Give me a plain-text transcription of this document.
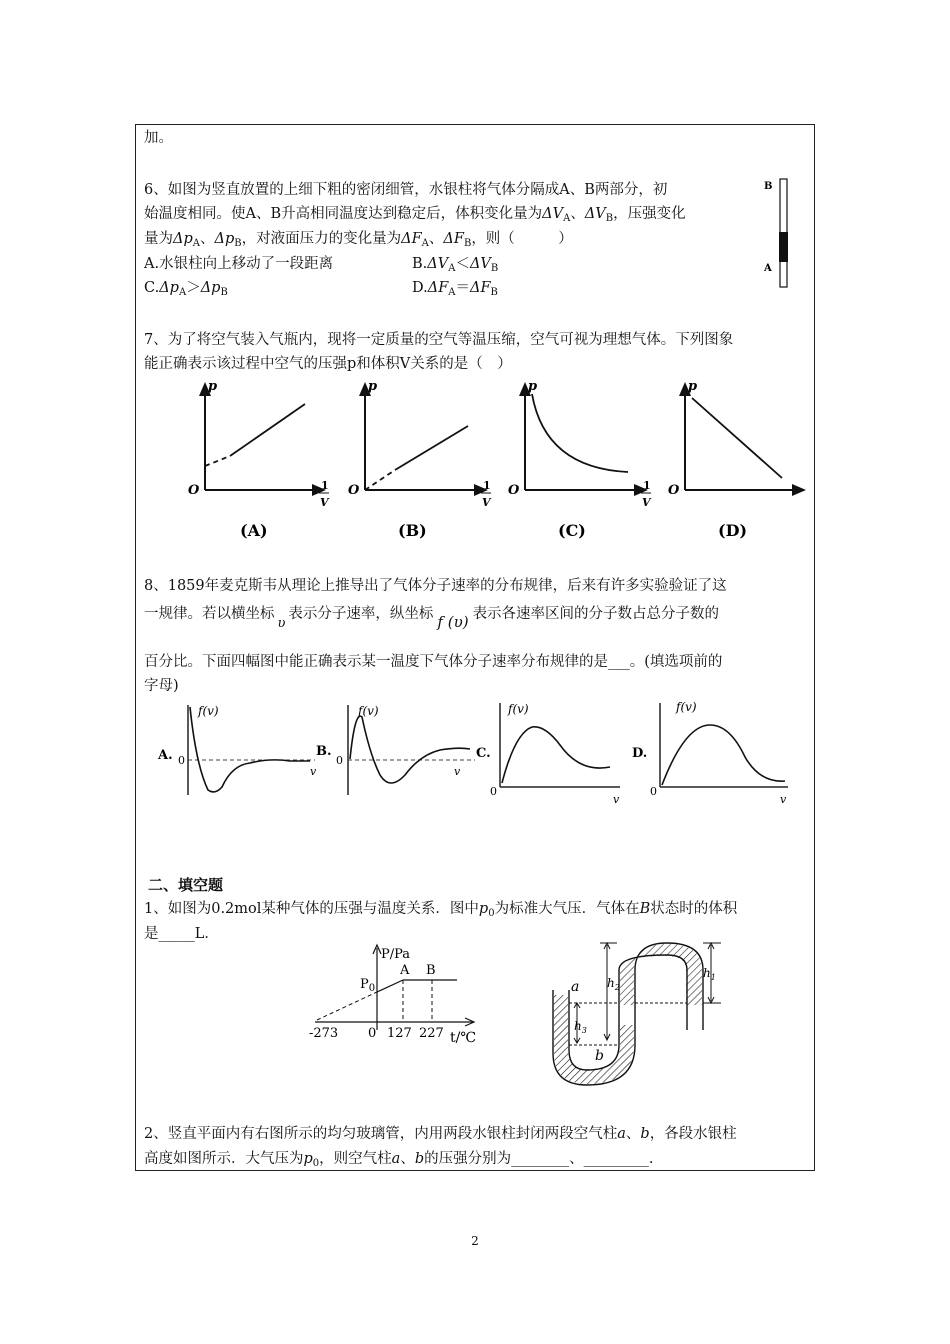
加。
6、如图为竖直放置的上细下粗的密闭细管，水银柱将气体分隔成A、B两部分，初
始温度相同。使A、B升高相同温度达到稳定后，体积变化量为$\Delta V_A$、$\Delta V_B$，压强变化
量为$\Delta p_A$、$\Delta p_B$，对液面压力的变化量为$\Delta F_A$、$\Delta F_B$，则（　　　）
A.水银柱向上移动了一段距离	$B.\Delta V_A<\Delta V_B$
$C.\Delta p_A>\Delta p_B$	$D.\Delta F_A=\Delta F_B$
B
A
7、为了将空气装入气瓶内，现将一定质量的空气等温压缩，空气可视为理想气体。下列图象
能正确表示该过程中空气的压强p和体积V关系的是（　）
p
O	1
V
(A)
p
O	1
V
(B)
p
O	1
V
(C)
p
O
(D)
8、1859年麦克斯韦从理论上推导出了气体分子速率的分布规律，后来有许多实验验证了这
一规律。若以横坐标υ表示分子速率，纵坐标 f (υ) 表示各速率区间的分子数占总分子数的
百分比。下面四幅图中能正确表示某一温度下气体分子速率分布规律的是___。(填选项前的
字母)
f(v)
0
v
A.
f(v)
0
v
B.
f(v)
0
v
C.
f(v)
0
v
D.
二、填空题
1、如图为0.2mol某种气体的压强与温度关系．图中$p_0$为标准大气压．气体在B状态时的体积
是_____L．
P/Pa
$P_0$
A B
-273 0 127 227 t/℃
a
b
$h_1$
$h_2$
$h_3$
2、竖直平面内有右图所示的均匀玻璃管，内用两段水银柱封闭两段空气柱a、b，各段水银柱
高度如图所示．大气压为$p_0$，则空气柱a、b的压强分别为________、_________.
2
